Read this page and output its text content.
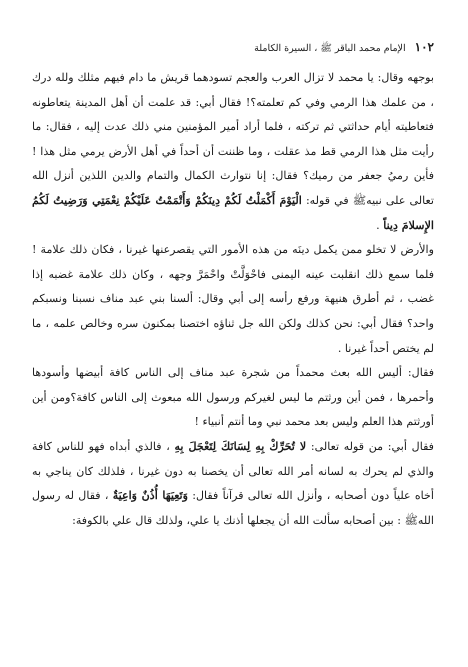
١٠٢ الإمام محمد الباقر ﷺ ، السيرة الكاملة

بوجهه وقال: يا محمد لا تزال العرب والعجم تسودهما قريش ما دام فيهم مثلك ولله درك ، من علمك هذا الرمي وفي كم تعلمته؟! فقال أبي: قد علمت أن أهل المدينة يتعاطونه فتعاطيته أيام حداثتي ثم تركته ، فلما أراد أمير المؤمنين مني ذلك عدت إليه ، فقال: ما رأيت مثل هذا الرمي قط مذ عقلت ، وما ظننت أن أحداً في أهل الأرض يرمي مثل هذا ! فأين رميُ جعفر من رميك؟ فقال: إنا نتوارث الكمال والتمام والدين اللذين أنزل الله تعالى على نبيهﷺ في قوله: الْيَوْمَ أَكْمَلْتُ لَكُمْ دِينَكُمْ وَأَتْمَمْتُ عَلَيْكُمْ نِعْمَتِي وَرَضِيتُ لَكُمُ الإِسلامَ دِيناً .

والأرض لا تخلو ممن يكمل دينَه من هذه الأمور التي يقصرعنها غيرنا ، فكان ذلك علامة ! فلما سمع ذلك انقلبت عينه اليمنى فاحْوَلَّتْ واحْمَرَّ وجهه ، وكان ذلك علامة غضبه إذا غضب ، ثم أطرق هنيهة ورفع رأسه إلى أبي وقال: ألسنا بني عبد مناف نسبنا ونسبكم واحد؟ فقال أبي: نحن كذلك ولكن الله جل ثناؤه اختصنا بمكنون سره وخالص علمه ، ما لم يختص أحداً غيرنا .

فقال: أليس الله بعث محمداً من شجرة عبد مناف إلى الناس كافة أبيضها وأسودها وأحمرها ، فمن أين ورثتم ما ليس لغيركم ورسول الله مبعوث إلى الناس كافة؟ومن أين أورثتم هذا العلم وليس بعد محمد نبي وما أنتم أنبياء !

فقال أبي: من قوله تعالى: لا تُحَرِّكْ بِهِ لِسَانَكَ لِتَعْجَلَ بِهِ ، فالذي أبداه فهو للناس كافة والذي لم يحرك به لسانه أمر الله تعالى أن يخصنا به دون غيرنا ، فلذلك كان يناجي به أخاه علياً دون أصحابه ، وأنزل الله تعالى قرآناً فقال: وَتَعِيَهَا أُذُنٌ وَاعِيَةٌ ، فقال له رسول اللهﷺ : بين أصحابه سألت الله أن يجعلها أذنك يا علي، ولذلك قال علي بالكوفة:
